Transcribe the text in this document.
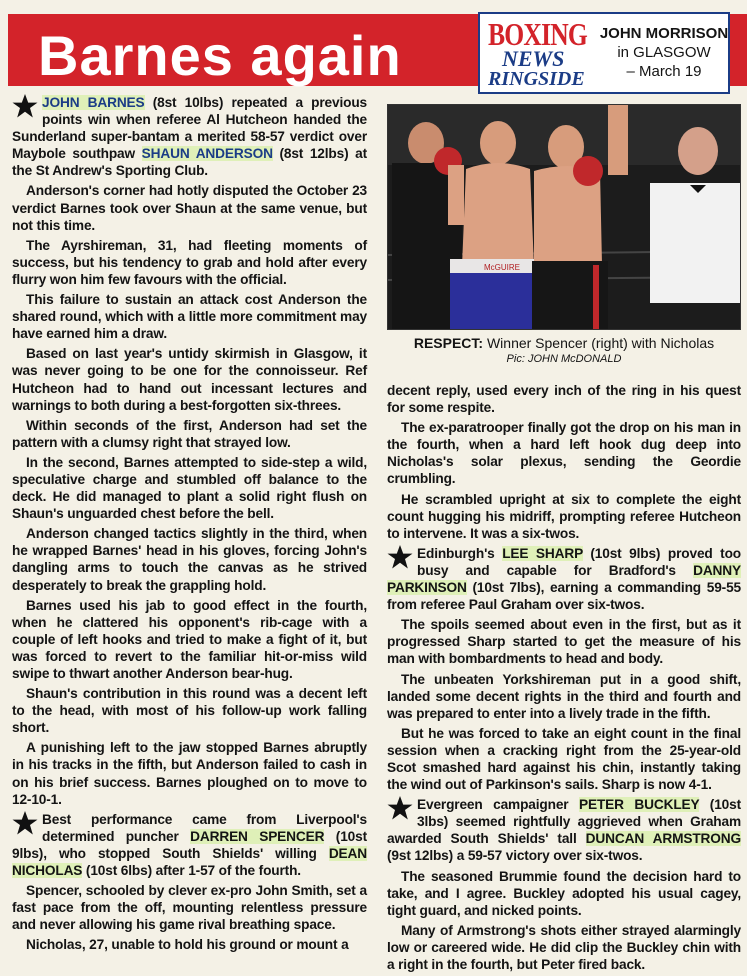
Barnes again	BOXING
NEWS
RINGSIDE
JOHN MORRISON
in GLASGOW
– March 19

JOHN BARNES (8st 10lbs) repeated a previous points win when referee Al Hutcheon handed the Sunderland super-bantam a merited 58-57 verdict over Maybole southpaw SHAUN ANDERSON (8st 12lbs) at the St Andrew's Sporting Club.

Anderson's corner had hotly disputed the October 23 verdict Barnes took over Shaun at the same venue, but not this time.

The Ayrshireman, 31, had fleeting moments of success, but his tendency to grab and hold after every flurry won him few favours with the official.

This failure to sustain an attack cost Anderson the shared round, which with a little more commitment may have earned him a draw.

Based on last year's untidy skirmish in Glasgow, it was never going to be one for the connoisseur. Ref Hutcheon had to hand out incessant lectures and warnings to both during a best-forgotten six-threes.

Within seconds of the first, Anderson had set the pattern with a clumsy right that strayed low.

In the second, Barnes attempted to side-step a wild, speculative charge and stumbled off balance to the deck. He did managed to plant a solid right flush on Shaun's unguarded chest before the bell.

Anderson changed tactics slightly in the third, when he wrapped Barnes' head in his gloves, forcing John's dangling arms to touch the canvas as he strived desperately to break the grappling hold.

Barnes used his jab to good effect in the fourth, when he clattered his opponent's rib-cage with a couple of left hooks and tried to make a fight of it, but was forced to revert to the familiar hit-or-miss wild swipe to thwart another Anderson bear-hug.

Shaun's contribution in this round was a decent left to the head, with most of his follow-up work falling short.

A punishing left to the jaw stopped Barnes abruptly in his tracks in the fifth, but Anderson failed to cash in on his brief success. Barnes ploughed on to move to 12-10-1.

Best performance came from Liverpool's determined puncher DARREN SPENCER (10st 9lbs), who stopped South Shields' willing DEAN NICHOLAS (10st 6lbs) after 1-57 of the fourth.

Spencer, schooled by clever ex-pro John Smith, set a fast pace from the off, mounting relentless pressure and never allowing his game rival breathing space.

Nicholas, 27, unable to hold his ground or mount a

McGUIRE
RESPECT: Winner Spencer (right) with Nicholas
Pic: JOHN McDONALD

decent reply, used every inch of the ring in his quest for some respite.

The ex-paratrooper finally got the drop on his man in the fourth, when a hard left hook dug deep into Nicholas's solar plexus, sending the Geordie crumbling.

He scrambled upright at six to complete the eight count hugging his midriff, prompting referee Hutcheon to intervene. It was a six-twos.

Edinburgh's LEE SHARP (10st 9lbs) proved too busy and capable for Bradford's DANNY PARKINSON (10st 7lbs), earning a commanding 59-55 from referee Paul Graham over six-twos.

The spoils seemed about even in the first, but as it progressed Sharp started to get the measure of his man with bombardments to head and body.

The unbeaten Yorkshireman put in a good shift, landed some decent rights in the third and fourth and was prepared to enter into a lively trade in the fifth.

But he was forced to take an eight count in the final session when a cracking right from the 25-year-old Scot smashed hard against his chin, instantly taking the wind out of Parkinson's sails. Sharp is now 4-1.

Evergreen campaigner PETER BUCKLEY (10st 3lbs) seemed rightfully aggrieved when Graham awarded South Shields' tall DUNCAN ARMSTRONG (9st 12lbs) a 59-57 victory over six-twos.

The seasoned Brummie found the decision hard to take, and I agree. Buckley adopted his usual cagey, tight guard, and nicked points.

Many of Armstrong's shots either strayed alarmingly low or careered wide. He did clip the Buckley chin with a right in the fourth, but Peter fired back.
